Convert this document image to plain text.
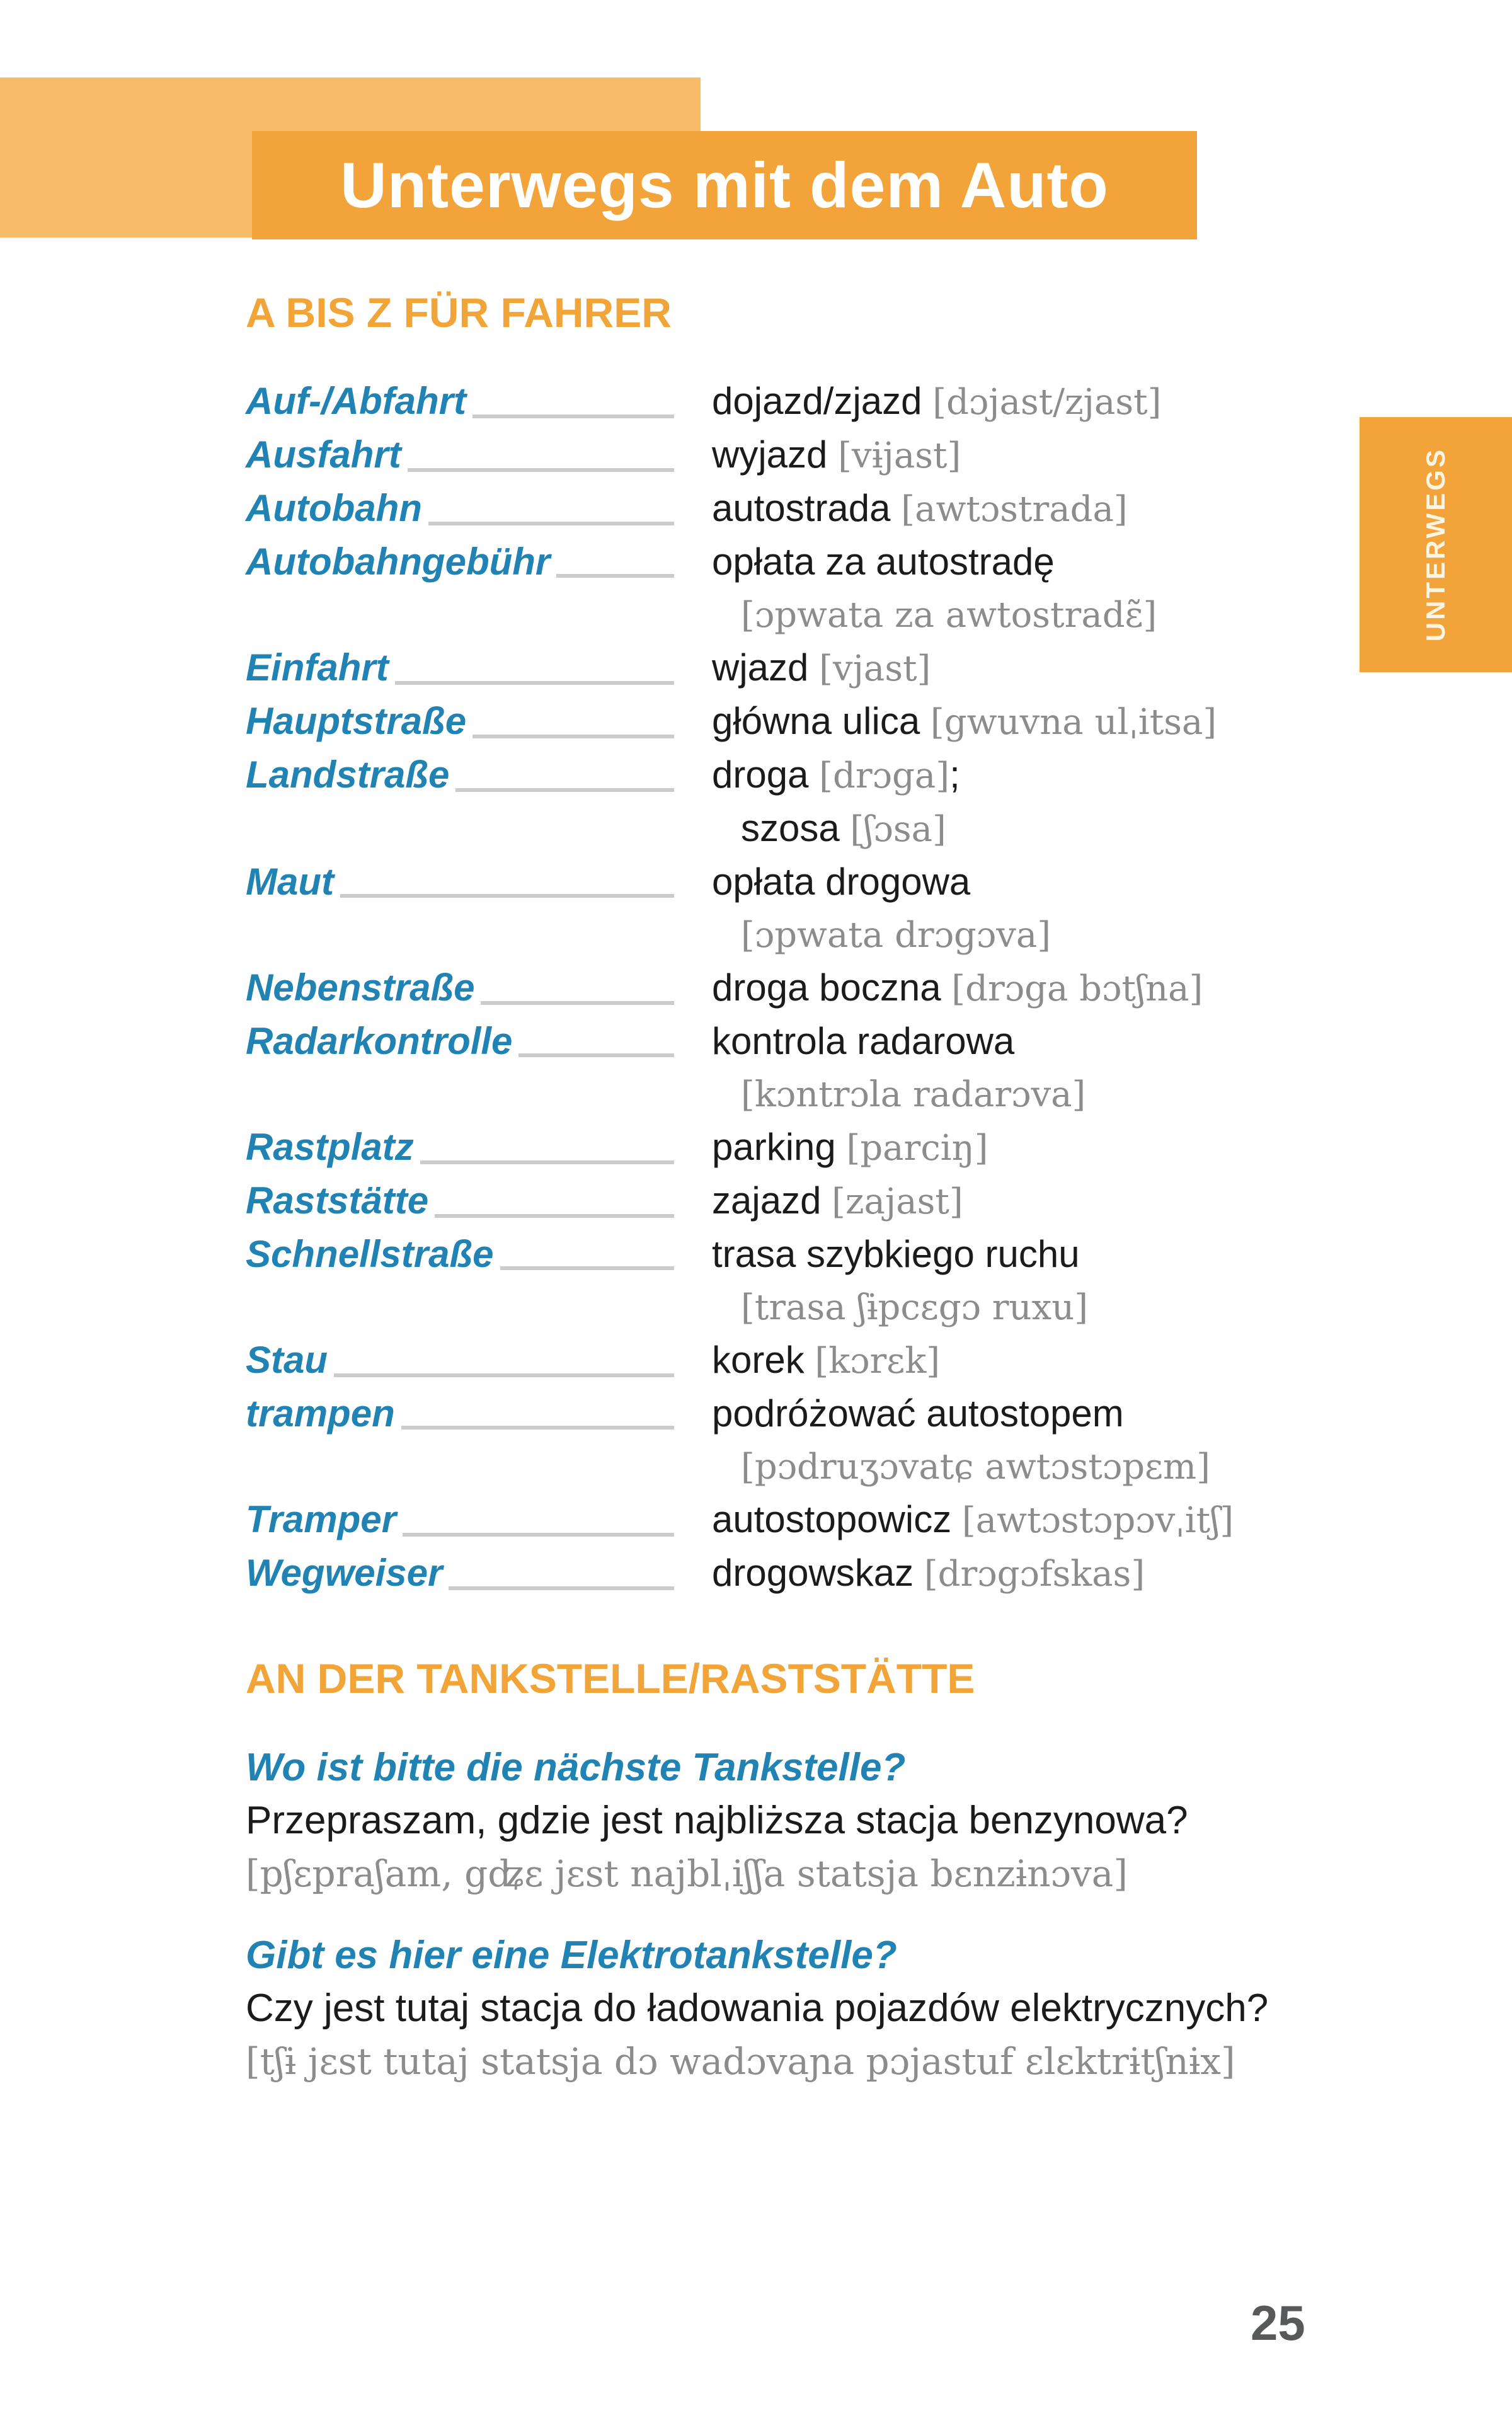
Unterwegs mit dem Auto
UNTERWEGS
A BIS Z FÜR FAHRER
Auf-/Abfahrt	dojazd/zjazd [dɔjast/zjast]
Ausfahrt	wyjazd [vɨjast]
Autobahn	autostrada [awtɔstrada]
Autobahngebühr	opłata za autostradę
[ɔpwata za awtostradɛ̃]
Einfahrt	wjazd [vjast]
Hauptstraße	główna ulica [gwuvna ulˌitsa]
Landstraße	droga [drɔga];
szosa [ʃɔsa]
Maut	opłata drogowa
[ɔpwata drɔgɔva]
Nebenstraße	droga boczna [drɔga bɔtʃna]
Radarkontrolle	kontrola radarowa
[kɔntrɔla radarɔva]
Rastplatz	parking [parciŋ]
Raststätte	zajazd [zajast]
Schnellstraße	trasa szybkiego ruchu
[trasa ʃɨpcɛgɔ ruxu]
Stau	korek [kɔrɛk]
trampen	podróżować autostopem
[pɔdruʒɔvatɕ awtɔstɔpɛm]
Tramper	autostopowicz [awtɔstɔpɔvˌitʃ]
Wegweiser	drogowskaz [drɔgɔfskas]
AN DER TANKSTELLE/RASTSTÄTTE
Wo ist bitte die nächste Tankstelle?
Przepraszam, gdzie jest najbliższa stacja benzynowa?
[pʃɛpraʃam, gʥɛ jɛst najblˌiʃʃa statsja bɛnzɨnɔva]
Gibt es hier eine Elektrotankstelle?
Czy jest tutaj stacja do ładowania pojazdów elektrycznych?
[tʃɨ jɛst tutaj statsja dɔ wadɔvaɲa pɔjastuf ɛlɛktrɨtʃnɨx]
25
